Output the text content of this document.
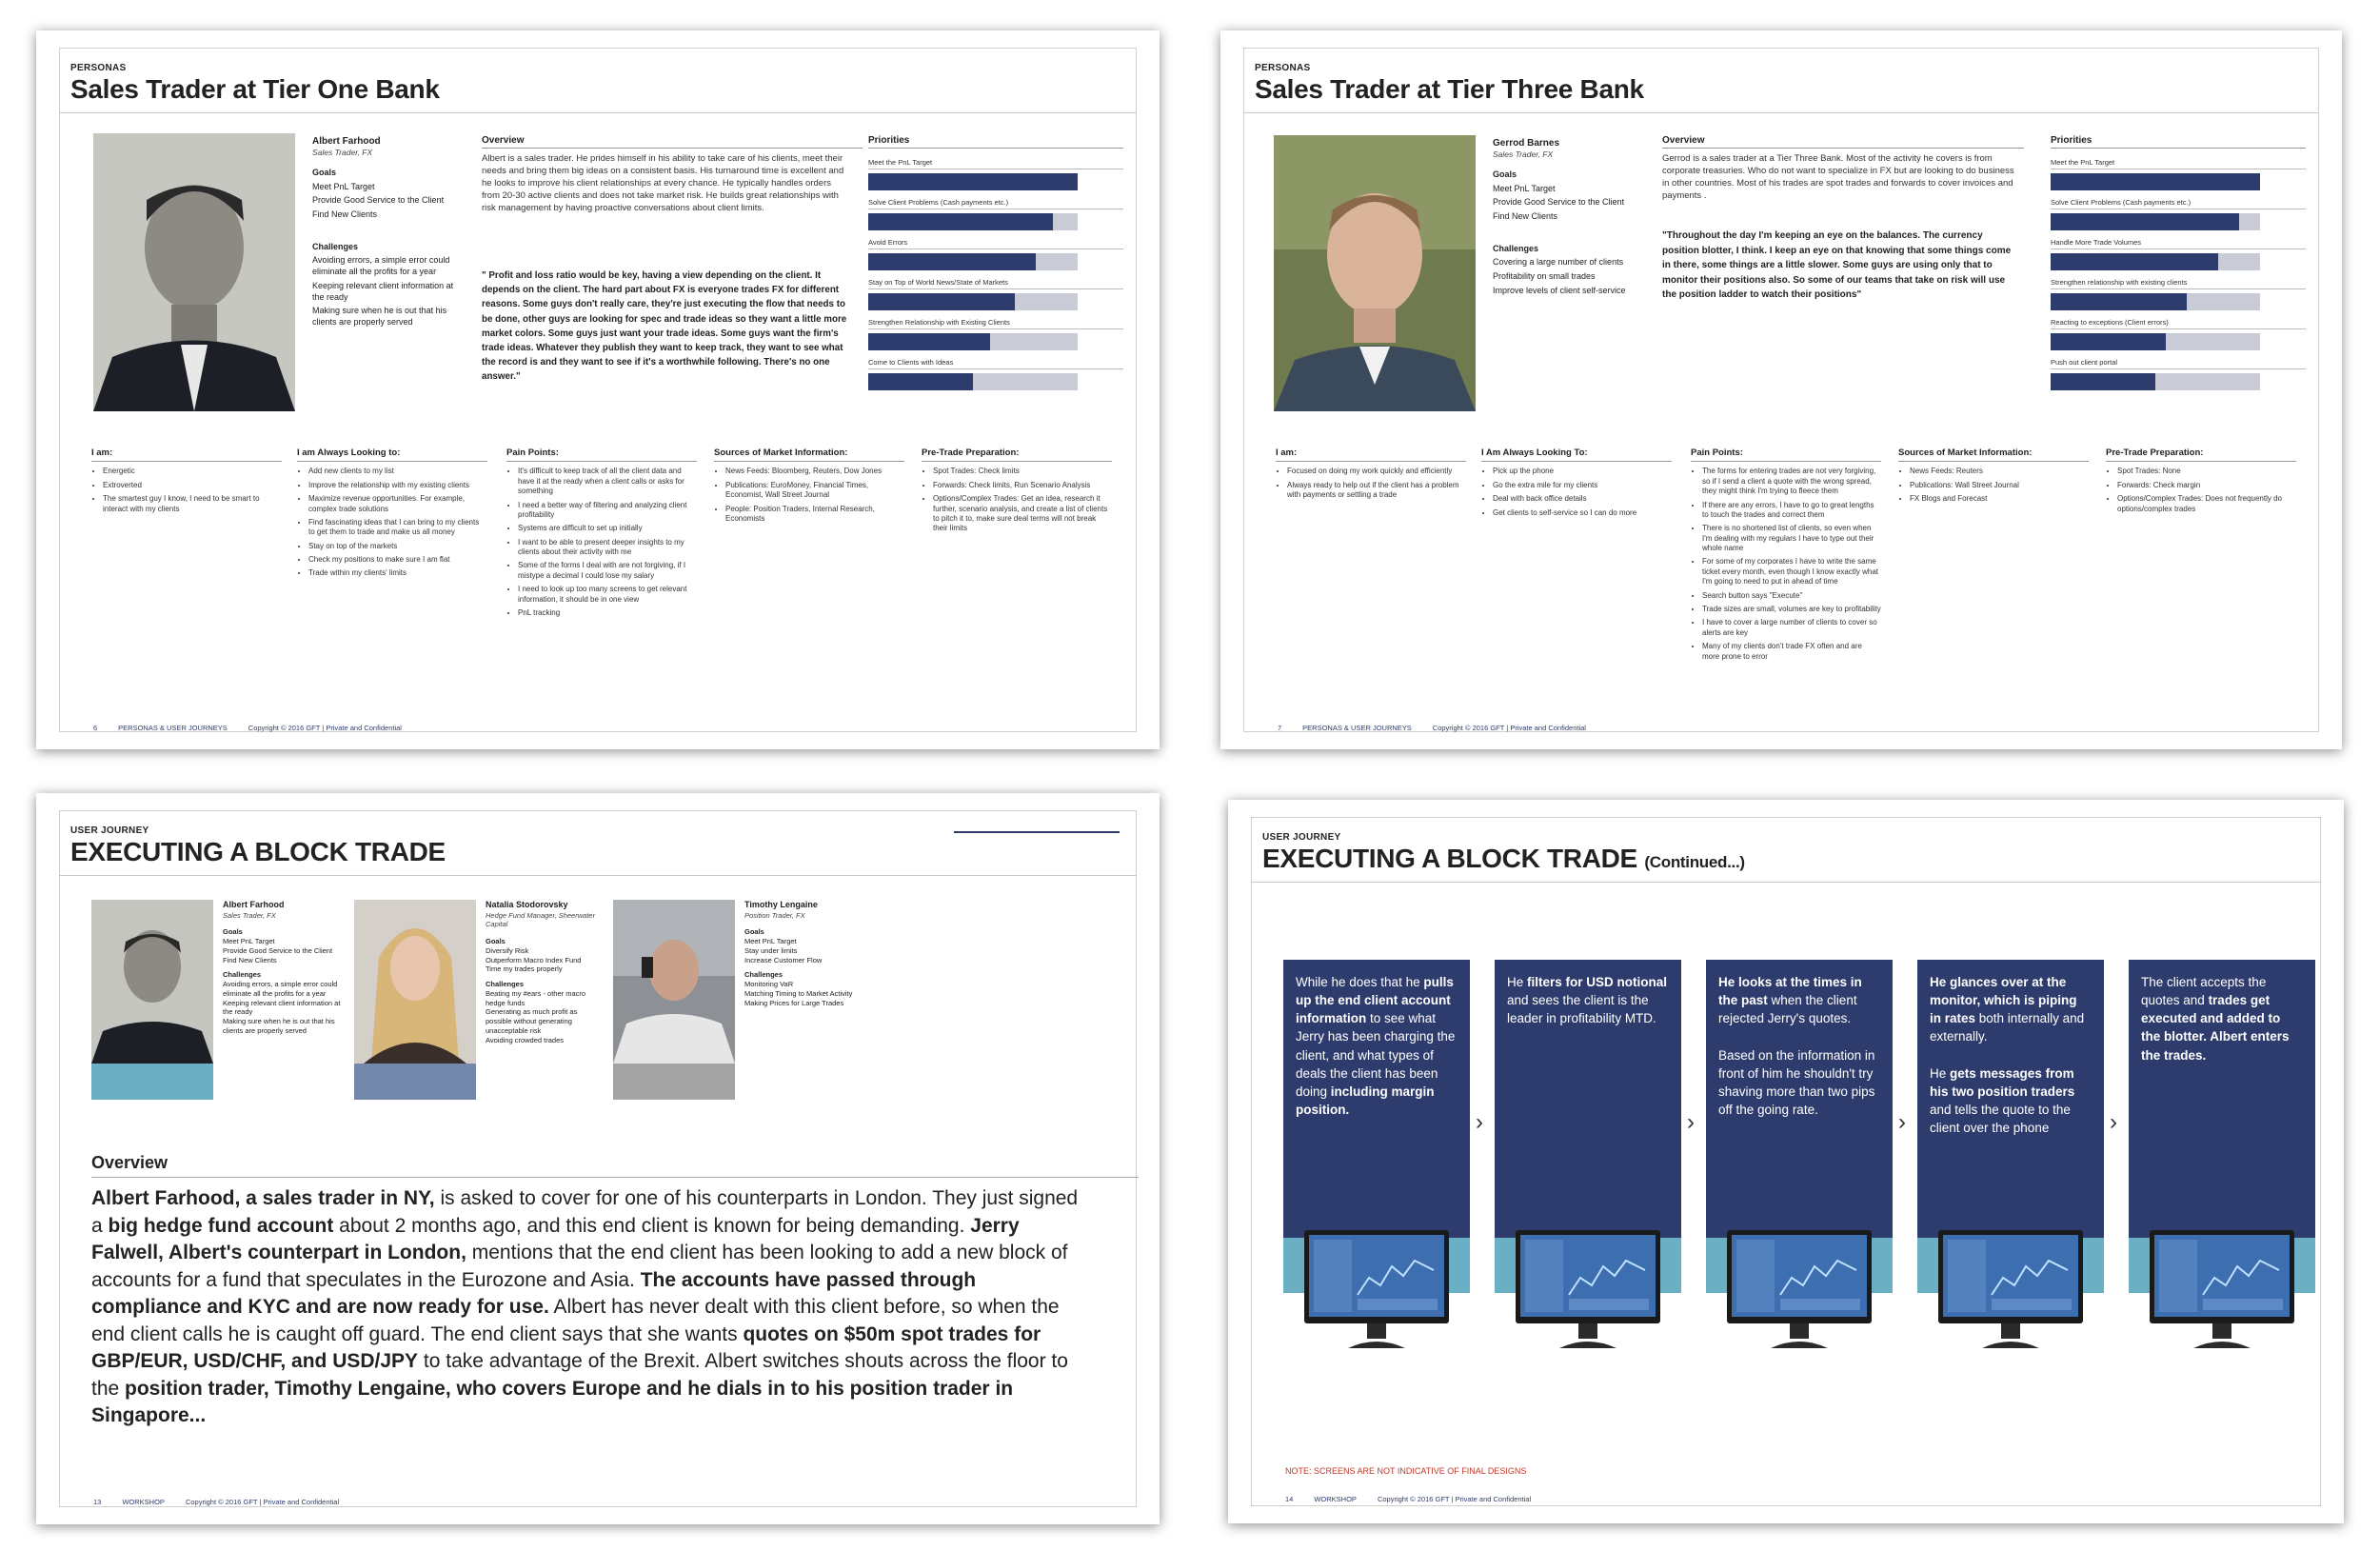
PERSONAS
Sales Trader at Tier One Bank
Albert Farhood
Sales Trader, FX
Goals
Meet PnL Target
Provide Good Service to the Client
Find New Clients
Challenges
Avoiding errors, a simple error could eliminate all the profits for a year
Keeping relevant client information at the ready
Making sure when he is out that his clients are properly served
Overview
Albert is a sales trader. He prides himself in his ability to take care of his clients, meet their needs and bring them big ideas on a consistent basis. His turnaround time is excellent and he looks to improve his client relationships at every chance. He typically handles orders from 20-30 active clients and does not take market risk. He builds great relationships with risk management by having proactive conversations about client limits.
" Profit and loss ratio would be key, having a view depending on the client. It depends on the client. The hard part about FX is everyone trades FX for different reasons. Some guys don't really care, they're just executing the flow that needs to be done, other guys are looking for spec and trade ideas so they want a little more market colors. Some guys just want your trade ideas. Some guys want the firm's trade ideas. Whatever they publish they want to keep track, they want to see what the record is and they want to see if it's a worthwhile following. There's no one answer."
Priorities
Meet the PnL Target
Solve Client Problems (Cash payments etc.)
Avoid Errors
Stay on Top of World News/State of Markets
Strengthen Relationship with Existing Clients
Come to Clients with Ideas
I am:
• Energetic
• Extroverted
• The smartest guy I know, I need to be smart to interact with my clients
I am Always Looking to:
• Add new clients to my list
• Improve the relationship with my existing clients
• Maximize revenue opportunities. For example, complex trade solutions
• Find fascinating ideas that I can bring to my clients to get them to trade and make us all money
• Stay on top of the markets
• Check my positions to make sure I am flat
• Trade within my clients' limits
Pain Points:
• It's difficult to keep track of all the client data and have it at the ready when a client calls or asks for something
• I need a better way of filtering and analyzing client profitability
• Systems are difficult to set up initially
• I want to be able to present deeper insights to my clients about their activity with me
• Some of the forms I deal with are not forgiving, if I mistype a decimal I could lose my salary
• I need to look up too many screens to get relevant information, it should be in one view
• PnL tracking
Sources of Market Information:
• News Feeds: Bloomberg, Reuters, Dow Jones
• Publications: EuroMoney, Financial Times, Economist, Wall Street Journal
• People: Position Traders, Internal Research, Economists
Pre-Trade Preparation:
• Spot Trades: Check limits
• Forwards: Check limits, Run Scenario Analysis
• Options/Complex Trades: Get an idea, research it further, scenario analysis, and create a list of clients to pitch it to, make sure deal terms will not break their limits
6	PERSONAS & USER JOURNEYS	Copyright © 2016 GFT | Private and Confidential
PERSONAS
Sales Trader at Tier Three Bank
Gerrod Barnes
Sales Trader, FX
Goals
Meet PnL Target
Provide Good Service to the Client
Find New Clients
Challenges
Covering a large number of clients
Profitability on small trades
Improve levels of client self-service
Overview
Gerrod is a sales trader at a Tier Three Bank. Most of the activity he covers is from corporate treasuries. Who do not want to specialize in FX but are looking to do business in other countries. Most of his trades are spot trades and forwards to cover invoices and payments .
"Throughout the day I'm keeping an eye on the balances. The currency position blotter, I think. I keep an eye on that knowing that some things come in there, some things are a little slower. Some guys are using only that to monitor their positions also. So some of our teams that take on risk will use the position ladder to watch their positions"
Priorities
Meet the PnL Target
Solve Client Problems (Cash payments etc.)
Handle More Trade Volumes
Strengthen relationship with existing clients
Reacting to exceptions (Client errors)
Push out client portal
I am:
• Focused on doing my work quickly and efficiently
• Always ready to help out if the client has a problem with payments or settling a trade
I Am Always Looking To:
• Pick up the phone
• Go the extra mile for my clients
• Deal with back office details
• Get clients to self-service so I can do more
Pain Points:
• The forms for entering trades are not very forgiving, so if I send a client a quote with the wrong spread, they might think I'm trying to fleece them
• If there are any errors, I have to go to great lengths to touch the trades and correct them
• There is no shortened list of clients, so even when I'm dealing with my regulars I have to type out their whole name
• For some of my corporates I have to write the same ticket every month, even though I know exactly what I'm going to need to put in ahead of time
• Search button says "Execute"
• Trade sizes are small, volumes are key to profitability
• I have to cover a large number of clients to cover so alerts are key
• Many of my clients don't trade FX often and are more prone to error
Sources of Market Information:
• News Feeds: Reuters
• Publications: Wall Street Journal
• FX Blogs and Forecast
Pre-Trade Preparation:
• Spot Trades: None
• Forwards: Check margin
• Options/Complex Trades: Does not frequently do options/complex trades
7	PERSONAS & USER JOURNEYS	Copyright © 2016 GFT | Private and Confidential
USER JOURNEY
EXECUTING A BLOCK TRADE
Albert Farhood
Sales Trader, FX
Goals
Meet PnL Target
Provide Good Service to the Client
Find New Clients
Challenges
Avoiding errors, a simple error could eliminate all the profits for a year
Keeping relevant client information at the ready
Making sure when he is out that his clients are properly served
Natalia Stodorovsky
Hedge Fund Manager, Sheerwater Capital
Goals
Diversify Risk
Outperform Macro Index Fund
Time my trades properly
Challenges
Beating my #ears - other macro hedge funds
Generating as much profit as possible without generating unacceptable risk
Avoiding crowded trades
Timothy Lengaine
Position Trader, FX
Goals
Meet PnL Target
Stay under limits
Increase Customer Flow
Challenges
Monitoring VaR
Matching Timing to Market Activity
Making Prices for Large Trades
Overview
Albert Farhood, a sales trader in NY, is asked to cover for one of his counterparts in London. They just signed a big hedge fund account about 2 months ago, and this end client is known for being demanding. Jerry Falwell, Albert's counterpart in London, mentions that the end client has been looking to add a new block of accounts for a fund that speculates in the Eurozone and Asia. The accounts have passed through compliance and KYC and are now ready for use. Albert has never dealt with this client before, so when the end client calls he is caught off guard. The end client says that she wants quotes on $50m spot trades for GBP/EUR, USD/CHF, and USD/JPY to take advantage of the Brexit. Albert switches shouts across the floor to the position trader, Timothy Lengaine, who covers Europe and he dials in to his position trader in Singapore...
13	WORKSHOP	Copyright © 2016 GFT | Private and Confidential
USER JOURNEY
EXECUTING A BLOCK TRADE (Continued...)
While he does that he pulls up the end client account information to see what Jerry has been charging the client, and what types of deals the client has been doing including margin position.	›
He filters for USD notional and sees the client is the leader in profitability MTD.
›
He looks at the times in the past when the client rejected Jerry's quotes.

Based on the information in front of him he shouldn't try shaving more than two pips off the going rate.	›
He glances over at the monitor, which is piping in rates both internally and externally.

He gets messages from his two position traders and tells the quote to the client over the phone	›
The client accepts the quotes and trades get executed and added to the blotter. Albert enters the trades.
NOTE: SCREENS ARE NOT INDICATIVE OF FINAL DESIGNS
14	WORKSHOP	Copyright © 2016 GFT | Private and Confidential
